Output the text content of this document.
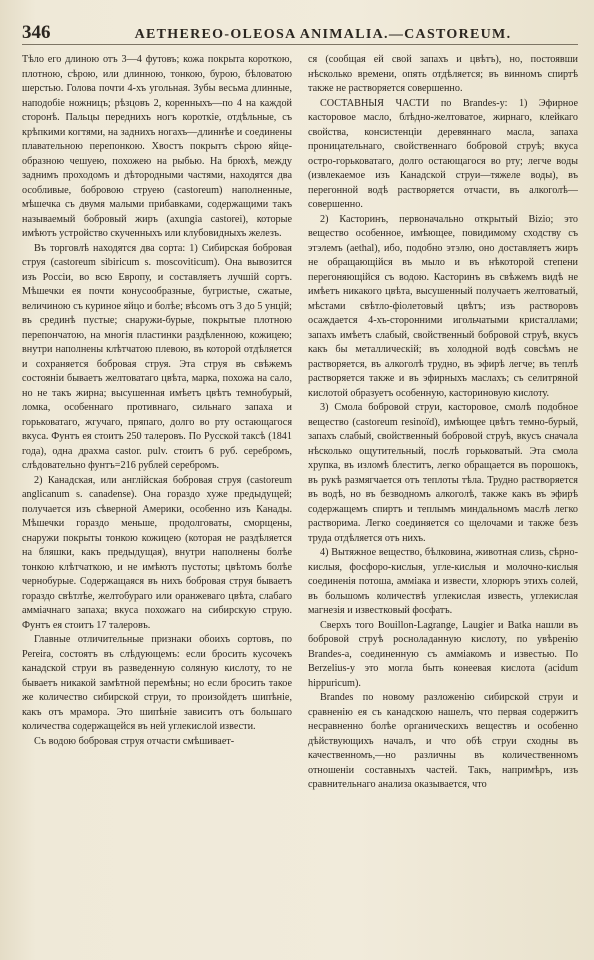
346	AETHEREO-OLEOSA ANIMALIA.—CASTOREUM.

Тѣло его длиною отъ 3—4 футовъ; кожа покрыта короткою, плотною, сѣрою, или длинною, тонкою, бурою, бѣловатою шерстью. Голова почти 4-хъ угольная. Зубы весьма длинные, наподобіе ножницъ; рѣзцовъ 2, коренныхъ—по 4 на каждой сторонѣ. Пальцы переднихъ ногъ короткіе, отдѣльные, съ крѣпкими когтями, на заднихъ ногахъ—длиннѣе и соединены плавательною перепонкою. Хвостъ покрытъ сѣрою яйце-образною чешуею, похожею на рыбью. На брюхѣ, между заднимъ проходомъ и дѣтородными частями, находятся два особливые, бобровою струею (castoreum) наполненные, мѣшечка съ двумя малыми прибавками, содержащими такъ называемый бобровый жиръ (axungia castorei), которые имѣютъ устройство скученныхъ или клубовидныхъ железъ.

Въ торговлѣ находятся два сорта: 1) Сибирская бобровая струя (castoreum sibiricum s. moscoviticum). Она вывозится изъ Россіи, во всю Европу, и составляетъ лучшій сортъ. Мѣшечки ея почти конусообразные, бугристые, сжатые, величиною съ куриное яйцо и болѣе; вѣсомъ отъ 3 до 5 унцій; въ срединѣ пустые; снаружи-бурые, покрытые плотною перепончатою, на многія пластинки раздѣленною, кожицею; внутри наполнены клѣтчатою плевою, въ которой отдѣляется и сохраняется бобровая струя. Эта струя въ свѣжемъ состояніи бываетъ желтоватаго цвѣта, марка, похожа на сало, но не такъ жирна; высушенная имѣетъ цвѣтъ темнобурый, ломка, особеннаго противнаго, сильнаго запаха и горьковатаго, жгучаго, пряпаго, долго во рту остающагося вкуса. Фунтъ ея стоитъ 250 талеровъ. По Русской таксѣ (1841 года), одна драхма castor. pulv. стоитъ 6 руб. серебромъ, слѣдовательно фунтъ=216 рублей серебромъ.

2) Канадская, или англійская бобровая струя (castoreum anglicanum s. canadense). Она гораздо хуже предыдущей; получается изъ сѣверной Америки, особенно изъ Канады. Мѣшечки гораздо меньше, продолговаты, сморщены, снаружи покрыты тонкою кожицею (которая не раздѣляется на бляшки, какъ предыдущая), внутри наполнены болѣе тонкою клѣтчаткою, и не имѣютъ пустоты; цвѣтомъ болѣе чернобурые. Содержащаяся въ нихъ бобровая струя бываетъ гораздо свѣтлѣе, желтобураго или оранжеваго цвѣта, слабаго аммiачнаго запаха; вкуса похожаго на сибирскую струю. Фунтъ ея стоитъ 17 талеровъ.

Главные отличительные признаки обоихъ сортовъ, по Pereira, состоятъ въ слѣдующемъ: если бросить кусочекъ канадской струи въ разведенную соляную кислоту, то не бываетъ никакой замѣтной перемѣны; но если бросить такое же количество сибирской струи, то произойдетъ шипѣніе, какъ отъ мрамора. Это шипѣніе зависитъ отъ большаго количества содержащейся въ ней углекислой извести.

Съ водою бобровая струя отчасти смѣшивает-

ся (сообщая ей свой запахъ и цвѣтъ), но, постоявши нѣсколько времени, опять отдѣляется; въ винномъ спиртѣ также не растворяется совершенно.

СОСТАВНЫЯ ЧАСТИ по Brandes-у: 1) Эфирное касторовое масло, блѣдно-желтоватое, жирнаго, клейкаго свойства, консистенціи деревяннаго масла, запаха проницательнаго, свойственнаго бобровой струѣ; вкуса остро-горьковатаго, долго остающагося во рту; легче воды (извлекаемое изъ Канадской струи—тяжеле воды), въ перегонной водѣ растворяется отчасти, въ алкоголѣ—совершенно.

2) Касторинъ, первоначально открытый Bizio; это вещество особенное, имѣющее, повидимому сходству съ этэлемъ (aethal), ибо, подобно этэлю, оно доставляетъ жиръ не обращающійся въ мыло и въ нѣкоторой степени перегоняющійся съ водою. Касторинъ въ свѣжемъ видѣ не имѣетъ никакого цвѣта, высушенный получаетъ желтоватый, мѣстами свѣтло-фіолетовый цвѣтъ; изъ растворовъ осаждается 4-хъ-сторонними игольчатыми кристаллами; запахъ имѣетъ слабый, свойственный бобровой струѣ, вкусъ какъ бы металлическій; въ холодной водѣ совсѣмъ не растворяется, въ алкоголѣ трудно, въ эфирѣ легче; въ теплѣ растворяется также и въ эфирныхъ маслахъ; съ селитряной кислотой образуетъ особенную, касториновую кислоту.

3) Смола бобровой струи, касторовое, смолѣ подобное вещество (castoreum resinoïd), имѣющее цвѣтъ темно-бурый, запахъ слабый, свойственный бобровой струѣ, вкусъ сначала нѣсколько ощутительный, послѣ горьковатый. Эта смола хрупка, въ изломѣ блеститъ, легко обращается въ порошокъ, въ рукѣ размягчается отъ теплоты тѣла. Трудно растворяется въ водѣ, но въ безводномъ алкоголѣ, также какъ въ эфирѣ содержащемъ спиртъ и теплымъ миндальномъ маслѣ легко растворима. Легко соединяется со щелочами и также безъ труда отдѣляется отъ нихъ.

4) Вытяжное вещество, бѣлковина, животная слизь, сѣрно-кислыя, фосфоро-кислыя, угле-кислыя и молочно-кислыя соединенія потоша, аммiака и извести, хлорюръ этихъ солей, въ большомъ количествѣ углекислая известь, углекислая магнезія и известковый фосфатъ.

Сверхъ того Bouillon-Lagrange, Laugier и Batka нашли въ бобровой струѣ росноладанную кислоту, по увѣренію Brandes-а, соединенную съ аммiакомъ и известью. По Berzelius-у это могла быть конеевая кислота (acidum hippuricum).

Brandes по новому разложенію сибирской струи и сравненію ея съ канадскою нашелъ, что первая содержитъ несравненно болѣе органическихъ веществъ и особенно дѣйствующихъ началъ, и что обѣ струи сходны въ качественномъ,—но различны въ количественномъ отношеніи составныхъ частей. Такъ, напримѣръ, изъ сравнительнаго анализа оказывается, что
